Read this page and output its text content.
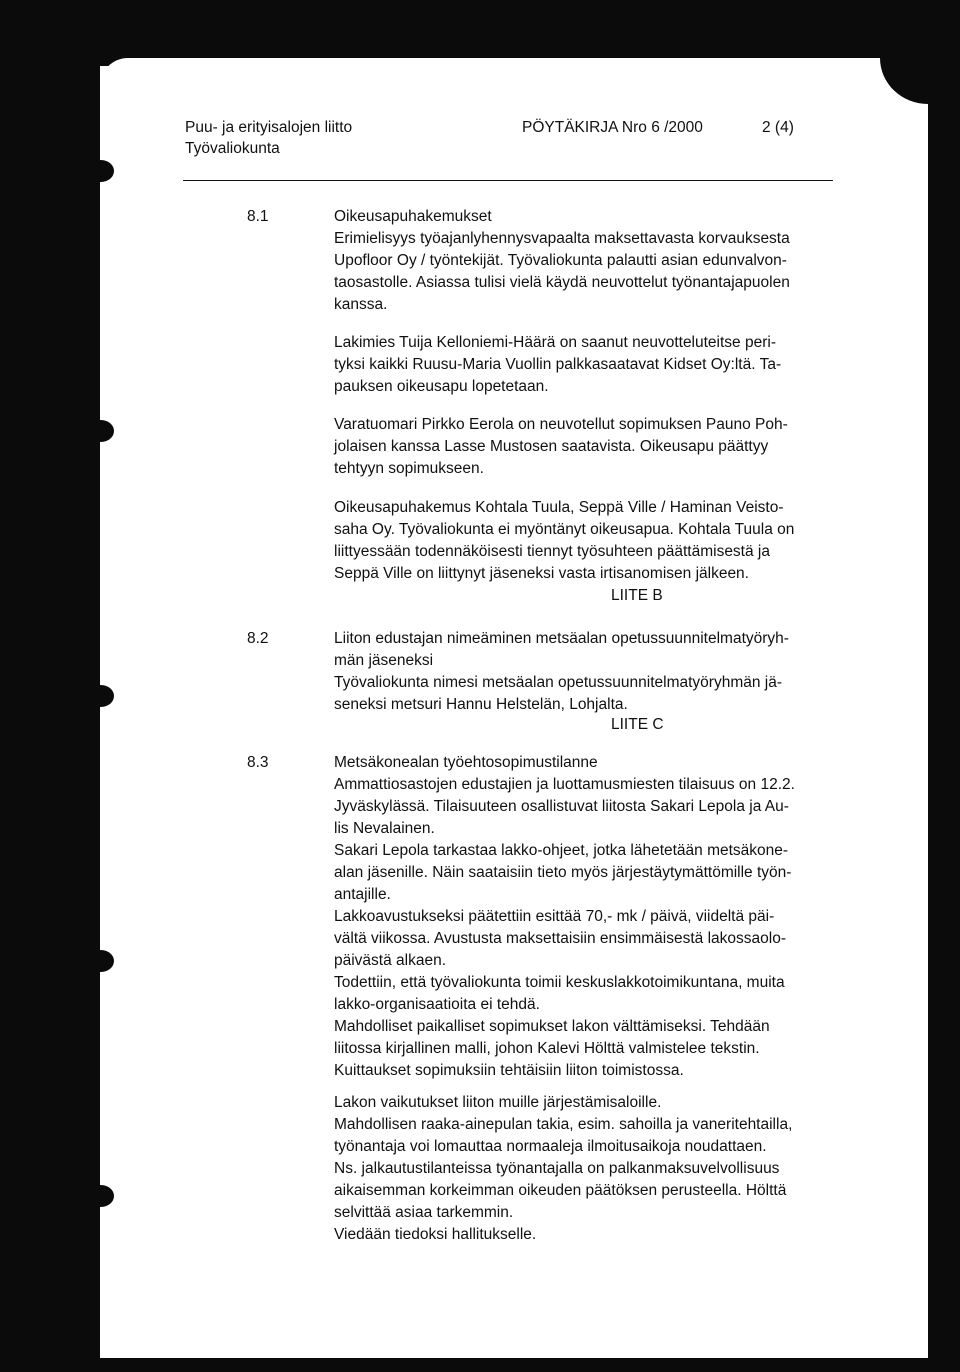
Puu- ja erityisalojen liitto
Työvaliokunta
PÖYTÄKIRJA Nro 6 /2000	2 (4)
8.1	Oikeusapuhakemukset
Erimielisyys työajanlyhennysvapaalta maksettavasta korvauksesta
Upofloor Oy / työntekijät. Työvaliokunta palautti asian edunvalvon-
taosastolle. Asiassa tulisi vielä käydä neuvottelut työnantajapuolen
kanssa.
Lakimies Tuija Kelloniemi-Häärä on saanut neuvotteluteitse peri-
tyksi kaikki Ruusu-Maria Vuollin palkkasaatavat Kidset Oy:ltä. Ta-
pauksen oikeusapu lopetetaan.
Varatuomari Pirkko Eerola on neuvotellut sopimuksen Pauno Poh-
jolaisen kanssa Lasse Mustosen saatavista. Oikeusapu päättyy
tehtyyn sopimukseen.
Oikeusapuhakemus Kohtala Tuula, Seppä Ville / Haminan Veisto-
saha Oy. Työvaliokunta ei myöntänyt oikeusapua. Kohtala Tuula on
liittyessään todennäköisesti tiennyt työsuhteen päättämisestä ja
Seppä Ville on liittynyt jäseneksi vasta irtisanomisen jälkeen.
LIITE B
8.2	Liiton edustajan nimeäminen metsäalan opetussuunnitelmatyöryh-
män jäseneksi
Työvaliokunta nimesi metsäalan opetussuunnitelmatyöryhmän jä-
seneksi metsuri Hannu Helstelän, Lohjalta.
LIITE C
8.3	Metsäkonealan työehtosopimustilanne
Ammattiosastojen edustajien ja luottamusmiesten tilaisuus on 12.2.
Jyväskylässä. Tilaisuuteen osallistuvat liitosta Sakari Lepola ja Au-
lis Nevalainen.
Sakari Lepola tarkastaa lakko-ohjeet, jotka lähetetään metsäkone-
alan jäsenille. Näin saataisiin tieto myös järjestäytymättömille työn-
antajille.
Lakkoavustukseksi päätettiin esittää 70,- mk / päivä, viideltä päi-
vältä viikossa. Avustusta maksettaisiin ensimmäisestä lakossaolo-
päivästä alkaen.
Todettiin, että työvaliokunta toimii keskuslakkotoimikuntana, muita
lakko-organisaatioita ei tehdä.
Mahdolliset paikalliset sopimukset lakon välttämiseksi. Tehdään
liitossa kirjallinen malli, johon Kalevi Hölttä valmistelee tekstin.
Kuittaukset sopimuksiin tehtäisiin liiton toimistossa.
Lakon vaikutukset liiton muille järjestämisaloille.
Mahdollisen raaka-ainepulan takia, esim. sahoilla ja vaneritehtailla,
työnantaja voi lomauttaa normaaleja ilmoitusaikoja noudattaen.
Ns. jalkautustilanteissa työnantajalla on palkanmaksuvelvollisuus
aikaisemman korkeimman oikeuden päätöksen perusteella. Hölttä
selvittää asiaa tarkemmin.
Viedään tiedoksi hallitukselle.
